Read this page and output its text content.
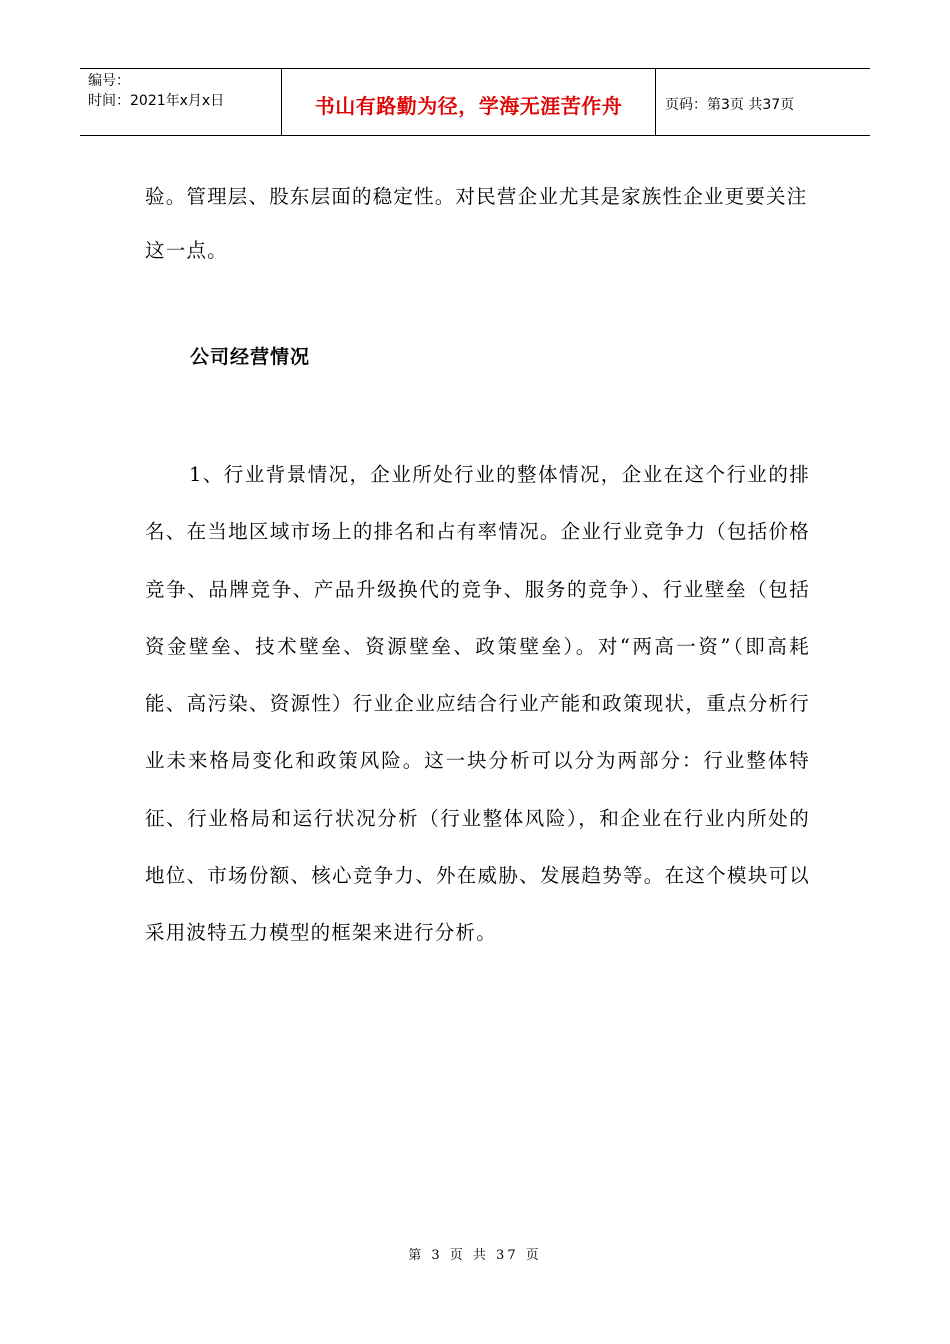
编号：
时间：2021年x月x日	书山有路勤为径，学海无涯苦作舟	页码：第3页 共37页
验。管理层、股东层面的稳定性。对民营企业尤其是家族性企业更要关注这一点。
公司经营情况
1、行业背景情况，企业所处行业的整体情况，企业在这个行业的排名、在当地区域市场上的排名和占有率情况。企业行业竞争力（包括价格竞争、品牌竞争、产品升级换代的竞争、服务的竞争）、行业壁垒（包括资金壁垒、技术壁垒、资源壁垒、政策壁垒）。对“两高一资”（即高耗能、高污染、资源性）行业企业应结合行业产能和政策现状，重点分析行业未来格局变化和政策风险。这一块分析可以分为两部分：行业整体特征、行业格局和运行状况分析（行业整体风险），和企业在行业内所处的地位、市场份额、核心竞争力、外在威胁、发展趋势等。在这个模块可以采用波特五力模型的框架来进行分析。
第 3 页 共 37 页
